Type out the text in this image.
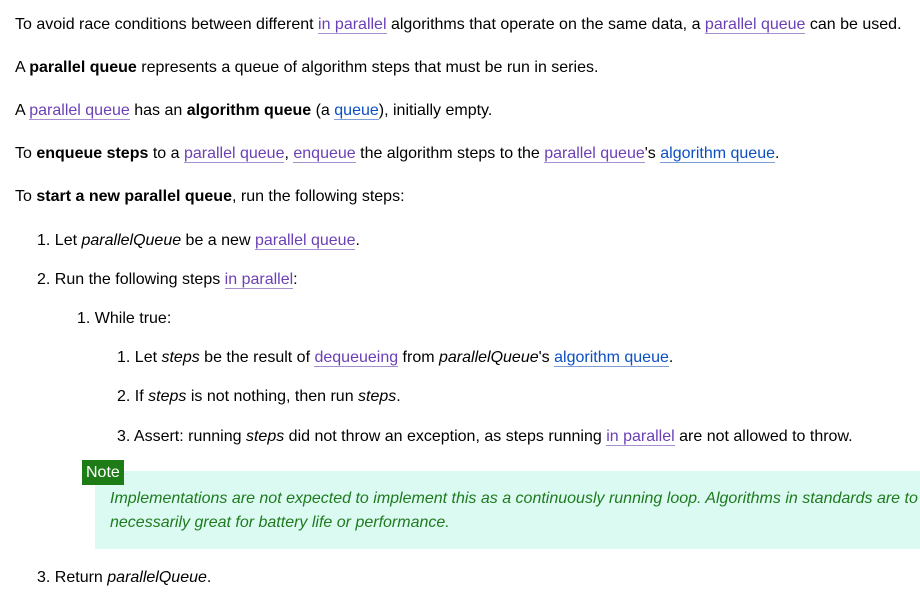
To avoid race conditions between different in parallel algorithms that operate on the same data, a parallel queue can be used.
A parallel queue represents a queue of algorithm steps that must be run in series.
A parallel queue has an algorithm queue (a queue), initially empty.
To enqueue steps to a parallel queue, enqueue the algorithm steps to the parallel queue's algorithm queue.
To start a new parallel queue, run the following steps:
1. Let parallelQueue be a new parallel queue.
2. Run the following steps in parallel:
1. While true:
1. Let steps be the result of dequeueing from parallelQueue's algorithm queue.
2. If steps is not nothing, then run steps.
3. Assert: running steps did not throw an exception, as steps running in parallel are not allowed to throw.
Note
Implementations are not expected to implement this as a continuously running loop. Algorithms in standards are to
necessarily great for battery life or performance.
3. Return parallelQueue.
